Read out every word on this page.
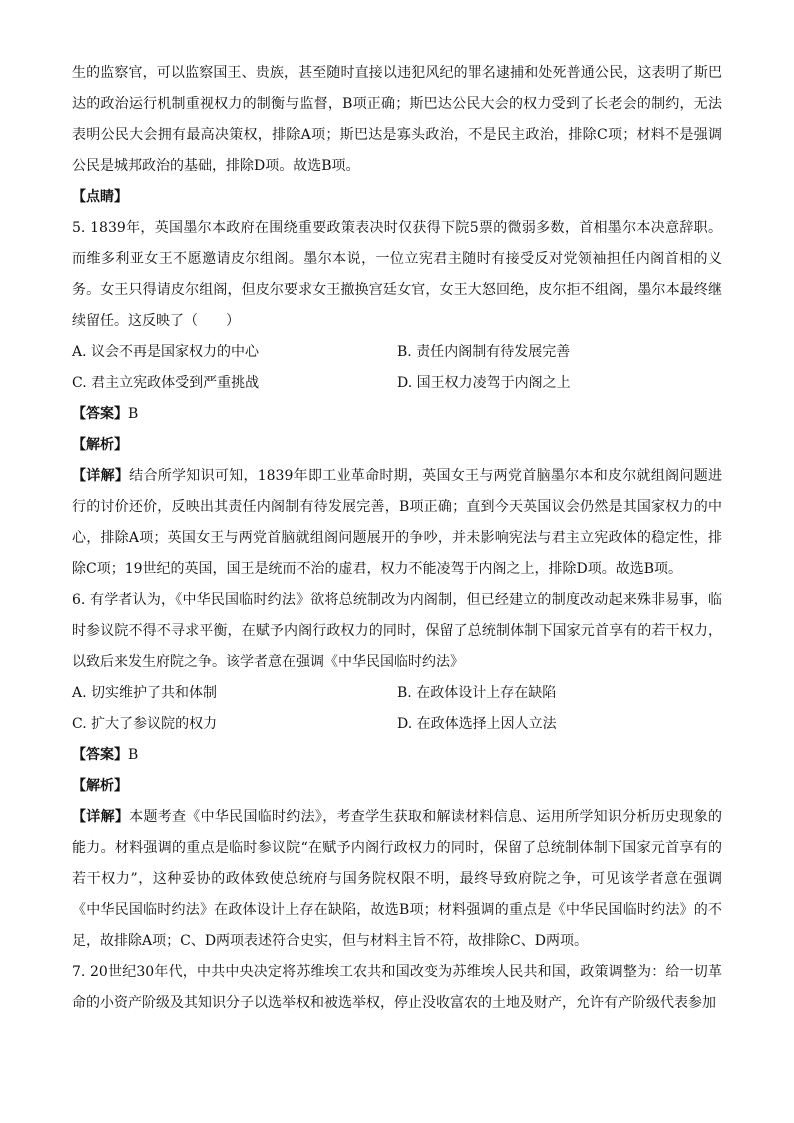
生的监察官，可以监察国王、贵族，甚至随时直接以违犯风纪的罪名逮捕和处死普通公民，这表明了斯巴达的政治运行机制重视权力的制衡与监督，B项正确；斯巴达公民大会的权力受到了长老会的制约，无法表明公民大会拥有最高决策权，排除A项；斯巴达是寡头政治，不是民主政治，排除C项；材料不是强调公民是城邦政治的基础，排除D项。故选B项。

【点睛】

5. 1839年，英国墨尔本政府在围绕重要政策表决时仅获得下院5票的微弱多数，首相墨尔本决意辞职。而维多利亚女王不愿邀请皮尔组阁。墨尔本说，一位立宪君主随时有接受反对党领袖担任内阁首相的义务。女王只得请皮尔组阁，但皮尔要求女王撤换宫廷女官，女王大怒回绝，皮尔拒不组阁，墨尔本最终继续留任。这反映了（　　）

A. 议会不再是国家权力的中心	B. 责任内阁制有待发展完善
C. 君主立宪政体受到严重挑战	D. 国王权力凌驾于内阁之上

【答案】B

【解析】

【详解】结合所学知识可知，1839年即工业革命时期，英国女王与两党首脑墨尔本和皮尔就组阁问题进行的讨价还价，反映出其责任内阁制有待发展完善，B项正确；直到今天英国议会仍然是其国家权力的中心，排除A项；英国女王与两党首脑就组阁问题展开的争吵，并未影响宪法与君主立宪政体的稳定性，排除C项；19世纪的英国，国王是统而不治的虚君，权力不能凌驾于内阁之上，排除D项。故选B项。

6. 有学者认为，《中华民国临时约法》欲将总统制改为内阁制，但已经建立的制度改动起来殊非易事，临时参议院不得不寻求平衡，在赋予内阁行政权力的同时，保留了总统制体制下国家元首享有的若干权力，以致后来发生府院之争。该学者意在强调《中华民国临时约法》

A. 切实维护了共和体制	B. 在政体设计上存在缺陷
C. 扩大了参议院的权力	D. 在政体选择上因人立法

【答案】B

【解析】

【详解】本题考查《中华民国临时约法》，考查学生获取和解读材料信息、运用所学知识分析历史现象的能力。材料强调的重点是临时参议院“在赋予内阁行政权力的同时，保留了总统制体制下国家元首享有的若干权力”，这种妥协的政体致使总统府与国务院权限不明，最终导致府院之争，可见该学者意在强调《中华民国临时约法》在政体设计上存在缺陷，故选B项；材料强调的重点是《中华民国临时约法》的不足，故排除A项；C、D两项表述符合史实，但与材料主旨不符，故排除C、D两项。

7. 20世纪30年代，中共中央决定将苏维埃工农共和国改变为苏维埃人民共和国，政策调整为：给一切革命的小资产阶级及其知识分子以选举权和被选举权，停止没收富农的土地及财产，允许有产阶级代表参加
